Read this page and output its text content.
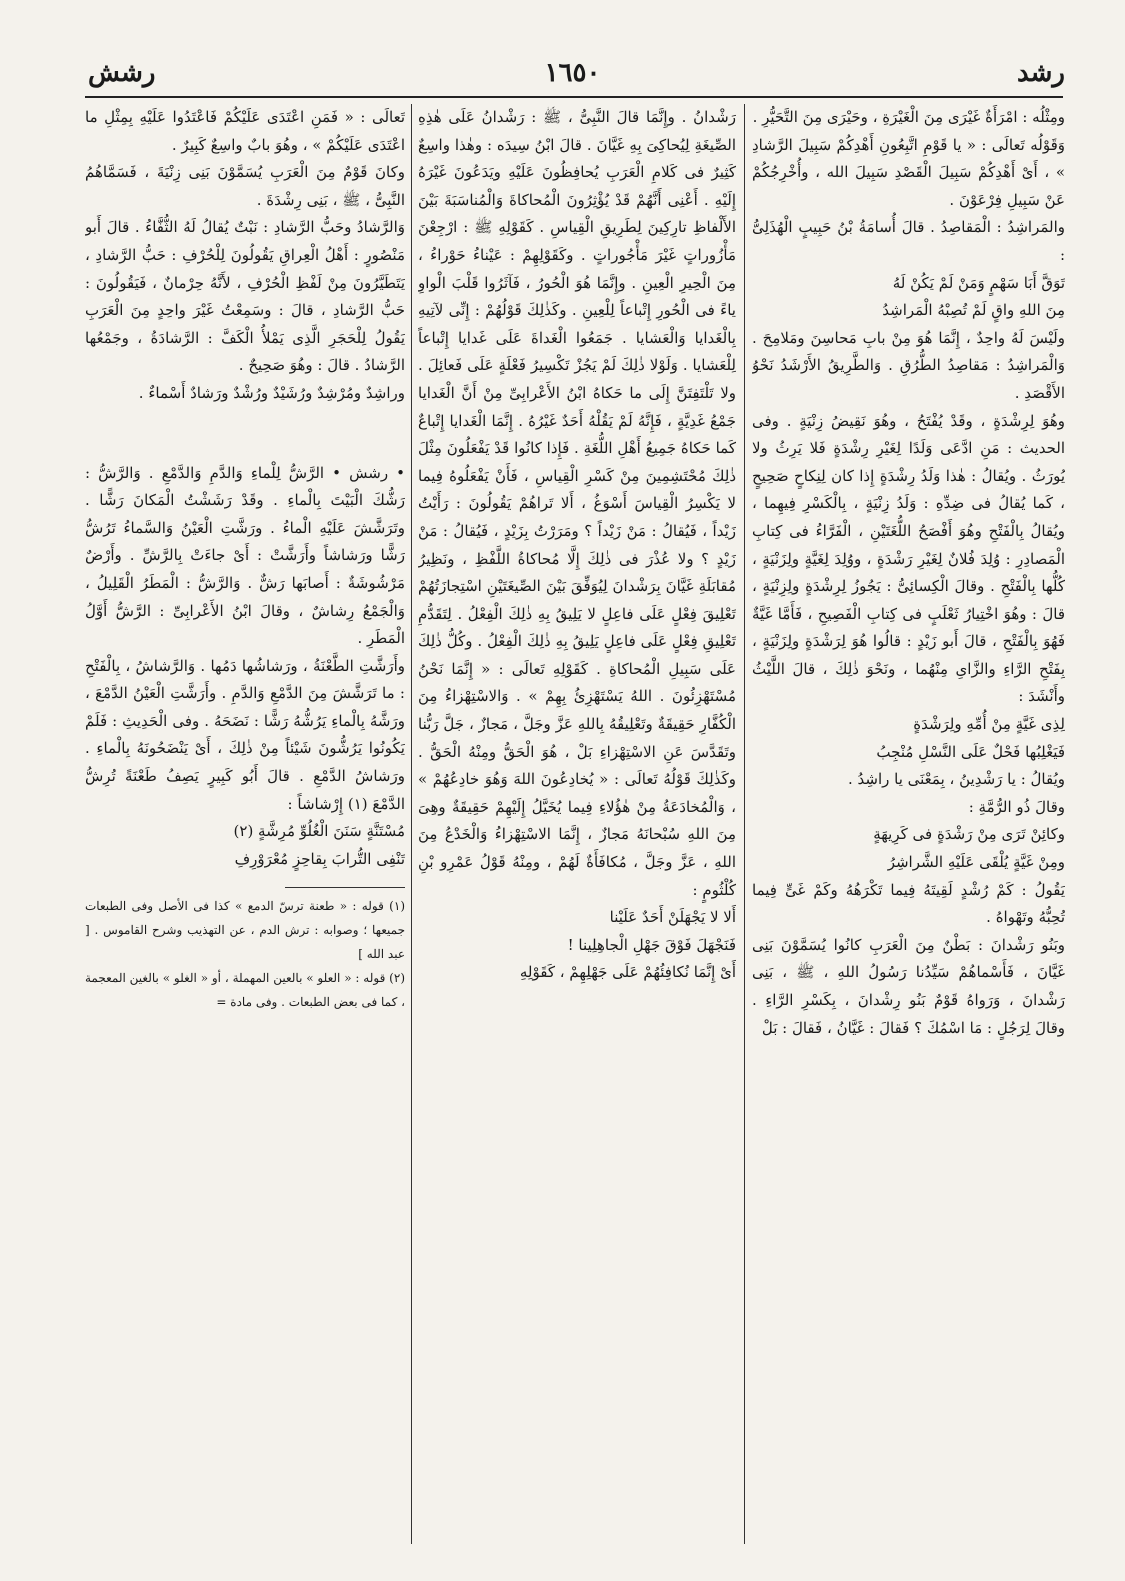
رشد
١٦٥٠
رشش

ومِثْلُه : امْرَأَةٌ غَيْرَى مِنَ الْغَيْرَةِ ، وحَيْرَى مِنَ التَّحَيُّرِ .

وَقَوْلُه تَعالَى : « يا قَوْمِ اتَّبِعُونِ أَهْدِكُمْ سَبِيلَ الرَّشادِ » ، أَىْ أَهْدِكُمْ سَبِيلَ الْقَصْدِ سَبِيلَ الله ، وأُخْرِجُكُمْ عَنْ سَبِيلِ فِرْعَوْنَ .

والمَراشِدُ : الْمَقاصِدُ . قالَ أُسامَةُ بْنُ حَبِيبٍ الْهُذَلِىُّ :

تَوَقَّ أَبَا سَهْمٍ وَمَنْ لَمْ يَكُنْ لَهُ

مِنَ اللهِ واقٍ لَمْ تُصِبْهُ الْمَراشِدُ

ولَيْسَ لَهُ واحِدٌ ، إِنَّمَا هُوَ مِنْ بابِ مَحاسِنَ ومَلامِحَ . وَالْمَراشِدُ : مَقاصِدُ الطُّرُقِ . وَالطَّرِيقُ الأَرْشَدُ نَحْوُ الأَقْصَدِ .

وهُوَ لِرِشْدَةٍ ، وقَدْ يُفْتَحُ ، وهُوَ نَقِيضُ زِنْيَةٍ . وفى الحديث : مَنِ ادَّعَى وَلَدًا لِغَيْرِ رِشْدَةٍ فَلا يَرِثُ ولا يُورَثُ . ويُقالُ : هٰذا وَلَدُ رِشْدَةٍ إِذا كان لِنِكاحٍ صَحِيحٍ ، كَما يُقالُ فى ضِدِّهِ : وَلَدُ زِنْيَةٍ ، بِالْكَسْرِ فِيهِما ، ويُقالُ بِالْفَتْحِ وهُوَ أَفْصَحُ اللُّغَتَيْنِ ، الْفَرَّاءُ فى كِتابِ الْمَصادِرِ : وُلِدَ فُلانٌ لِغَيْرِ رَشْدَةٍ ، ووُلِدَ لِغَيَّةٍ ولِزَنْيَةٍ ، كُلُّها بِالْفَتْحِ . وقالَ الْكِسائِىُّ : يَجُوزُ لِرِشْدَةٍ ولِزِنْيَةٍ ، قالَ : وهُوَ اخْتِيارُ ثَعْلَبٍ فى كِتابِ الْفَصِيحِ ، فَأَمَّا غَيَّةٌ فَهُوَ بِالْفَتْحِ ، قالَ أَبو زَيْدٍ : قالُوا هُوَ لِرَشْدَةٍ ولِزَنْيَةٍ ، بِفَتْحِ الرَّاءِ والزَّاىِ مِنْهُما ، ونَحْوَ ذٰلِكَ ، قالَ اللَّيْثُ وأَنْشَدَ :

لِذِى غَيَّةٍ مِنْ أُمِّهِ ولِرَشْدَةٍ

فَيَغْلِبُها فَحْلٌ عَلَى النَّسْلِ مُنْجِبُ

ويُقالُ : يا رَشْدِينُ ، بِمَعْنَى يا راشِدُ .

وقالَ ذُو الرُّمَّةِ :

وكائِنْ تَرَى مِنْ رَشْدَةٍ فى كَرِيهَةٍ

ومِنْ غَيَّةٍ يُلْقَى عَلَيْهِ الشَّراشِرُ

يَقُولُ : كَمْ رُشْدٍ لَقِيتَهُ فِيما تَكْرَهُهُ وكَمْ غَىٍّ فِيما تُحِبُّهُ وتَهْواهُ .

وبَنُو رَشْدانَ : بَطْنٌ مِنَ الْعَرَبِ كانُوا يُسَمَّوْنَ بَنِى غَيَّانَ ، فَأَسْماهُمْ سَيِّدُنا رَسُولُ اللهِ ، ﷺ ، بَنِى رَشْدانَ ، وَرَواهُ قَوْمٌ بَنُو رِشْدانَ ، بِكَسْرِ الرَّاءِ . وقالَ لِرَجُلٍ : مَا اسْمُكَ ؟ فَقالَ : غَيَّانُ ، فَقالَ : بَلْ

رَشْدانُ . وإِنَّمَا قالَ النَّبِىُّ ، ﷺ : رَشْدانُ عَلَى هٰذِهِ الصِّيغَةِ لِيُحاكِىَ بِهِ غَيَّانَ . قالَ ابْنُ سِيدَه : وهٰذا واسِعٌ كَثِيرٌ فى كَلامِ الْعَرَبِ يُحافِظُونَ عَلَيْهِ ويَدَعُونَ غَيْرَهُ إِلَيْهِ . أَعْنِى أَنَّهُمْ قَدْ يُؤْثِرُونَ الْمُحاكاةَ وَالْمُناسَبَةَ بَيْنَ الأَلْفاظِ تارِكِينَ لِطَرِيقِ الْقِياسِ . كَقَوْلِهِ ﷺ : ارْجِعْنَ مَأْزُوراتٍ غَيْرَ مَأْجُوراتٍ . وكَقَوْلِهِمْ : عَيْناءُ حَوْراءُ ، مِنَ الْحِيرِ الْعِينِ . وإِنَّمَا هُوَ الْحُورُ ، فَآثَرُوا قَلْبَ الْواوِ ياءً فى الْحُورِ إِتْباعاً لِلْعِينِ . وكَذٰلِكَ قَوْلُهُمْ : إِنِّى لآتِيهِ بِالْغَدايا وَالْعَشايا . جَمَعُوا الْغَداةَ عَلَى غَدايا إِتْباعاً لِلْعَشايا . وَلَوْلا ذٰلِكَ لَمْ يَجُزْ تَكْسِيرُ فَعْلَةٍ عَلَى فَعائِلَ . ولا تَلْتَفِتَنَّ إِلَى ما حَكاهُ ابْنُ الأَعْرابِىِّ مِنْ أَنَّ الْغَدايا جَمْعُ غَدِيَّةٍ ، فَإِنَّهُ لَمْ يَقُلْهُ أَحَدٌ غَيْرُهُ . إِنَّمَا الْغَدايا إِتْباعٌ كَما حَكاهُ جَمِيعُ أَهْلِ اللُّغَةِ . فَإِذا كانُوا قَدْ يَفْعَلُونَ مِثْلَ ذٰلِكَ مُحْتَشِمِينَ مِنْ كَسْرِ الْقِياسِ ، فَأَنْ يَفْعَلُوهُ فِيما لا يَكْسِرُ الْقِياسَ أَسْوَغُ ، أَلا تَراهُمْ يَقُولُونَ : رَأَيْتُ زَيْداً ، فَيُقالُ : مَنْ زَيْداً ؟ ومَرَرْتُ بِزَيْدٍ ، فَيُقالُ : مَنْ زَيْدٍ ؟ ولا عُذْرَ فى ذٰلِكَ إِلَّا مُحاكاةُ اللَّفْظِ ، ونَظِيرُ مُقابَلَةِ غَيَّانَ بِرَشْدانَ لِيُوَفِّقَ بَيْنَ الصِّيغَتَيْنِ اسْتِجازَتُهُمْ تَعْلِيقَ فِعْلٍ عَلَى فاعِلٍ لا يَلِيقُ بِهِ ذٰلِكَ الْفِعْلُ . لِتَقَدُّمِ تَعْلِيقِ فِعْلٍ عَلَى فاعِلٍ يَلِيقُ بِهِ ذٰلِكَ الْفِعْلُ . وكُلُّ ذٰلِكَ عَلَى سَبِيلِ الْمُحاكاةِ . كَقَوْلِهِ تَعالَى : « إِنَّمَا نَحْنُ مُسْتَهْزِئُونَ . اللهُ يَسْتَهْزِئُ بِهِمْ » . وَالاسْتِهْزاءُ مِنَ الْكُفَّارِ حَقِيقَةٌ وتَعْلِيقُهُ بِاللهِ عَزَّ وجَلَّ ، مَجازٌ ، جَلَّ رَبُّنا وتَقَدَّسَ عَنِ الاسْتِهْزاءِ بَلْ ، هُوَ الْحَقُّ ومِنْهُ الْحَقُّ . وكَذٰلِكَ قَوْلُهُ تَعالَى : « يُخادِعُونَ اللهَ وَهُوَ خادِعُهُمْ » ، وَالْمُخادَعَةُ مِنْ هٰؤُلاءِ فِيما يُخَيَّلُ إِلَيْهِمْ حَقِيقَةٌ وهِىَ مِنَ اللهِ سُبْحانَهُ مَجازٌ ، إِنَّمَا الاسْتِهْزاءُ وَالْخَدْعُ مِنَ اللهِ ، عَزَّ وجَلَّ ، مُكافَأَةٌ لَهُمْ ، ومِنْهُ قَوْلُ عَمْرِو بْنِ كُلْثُومٍ :

أَلا لا يَجْهَلَنْ أَحَدٌ عَلَيْنا

فَنَجْهَلَ فَوْقَ جَهْلِ الْجاهِلِينا !

أَىْ إِنَّمَا نُكافِئُهُمْ عَلَى جَهْلِهِمْ ، كَقَوْلِهِ

تَعالَى : « فَمَنِ اعْتَدَى عَلَيْكُمْ فَاعْتَدُوا عَلَيْهِ بِمِثْلِ ما اعْتَدَى عَلَيْكُمْ » ، وهُوَ بابٌ واسِعٌ كَبِيرٌ .

وكانَ قَوْمٌ مِنَ الْعَرَبِ يُسَمَّوْنَ بَنِى زِنْيَةَ ، فَسَمَّاهُمُ النَّبِىُّ ، ﷺ ، بَنِى رِشْدَةَ .

وَالرَّشادُ وحَبُّ الرَّشادِ : نَبْتٌ يُقالُ لَهُ الثُّفَّاءُ . قالَ أَبو مَنْصُورٍ : أَهْلُ الْعِراقِ يَقُولُونَ لِلْحُرْفِ : حَبُّ الرَّشادِ ، يَتَطَيَّرُونَ مِنْ لَفْظِ الْحُرْفِ ، لأَنَّهُ حِرْمانٌ ، فَيَقُولُونَ : حَبُّ الرَّشادِ ، قالَ : وسَمِعْتُ غَيْرَ واحِدٍ مِنَ الْعَرَبِ يَقُولُ لِلْحَجَرِ الَّذِى يَمْلأُ الْكَفَّ : الرَّشادَةُ ، وجَمْعُها الرَّشادُ . قالَ : وهُوَ صَحِيحٌ .

وراشِدٌ ومُرْشِدٌ ورُشَيْدٌ ورُشْدٌ ورَشادٌ أَسْماءٌ .

• رشش • الرَّشُّ لِلْماءِ وَالدَّمِ وَالدَّمْعِ . وَالرَّشُّ : رَشُّكَ الْبَيْتَ بِالْماءِ . وقَدْ رَشَشْتُ الْمَكانَ رَشًّا . وتَرَشَّشَ عَلَيْهِ الْماءُ . ورَشَّتِ الْعَيْنُ وَالسَّماءُ تَرُشُّ رَشًّا ورَشاشاً وأَرَشَّتْ : أَىْ جاءَتْ بِالرَّشِّ . وأَرْضٌ مَرْشُوشَةٌ : أَصابَها رَشٌّ . وَالرَّشُّ : الْمَطَرُ الْقَلِيلُ ، وَالْجَمْعُ رِشاشٌ ، وقالَ ابْنُ الأَعْرابِىِّ : الرَّشُّ أَوَّلُ الْمَطَرِ .

وأَرَشَّتِ الطَّعْنَةُ ، ورَشاشُها دَمُها . وَالرَّشاشُ ، بِالْفَتْحِ : ما تَرَشَّشَ مِنَ الدَّمْعِ وَالدَّمِ . وأَرَشَّتِ الْعَيْنُ الدَّمْعَ ، ورَشَّهُ بِالْماءِ يَرُشُّهُ رَشًّا : نَضَحَهُ . وفى الْحَدِيثِ : فَلَمْ يَكُونُوا يَرُشُّونَ شَيْئاً مِنْ ذٰلِكَ ، أَىْ يَنْضَحُونَهُ بِالْماءِ . ورَشاشُ الدَّمْعِ . قالَ أَبُو كَبِيرٍ يَصِفُ طَعْنَةً تُرِشُّ الدَّمْعَ (١) إِرْشاشاً :

مُسْتَنَّةٍ سَنَنَ الْغُلُوِّ مُرِشَّةٍ (٢)

تَنْفِى التُّرابَ بِقاحِزٍ مُعْرَوْرِفِ

(١) قوله : « طعنة ترسّ الدمع » كذا فى الأصل وفى الطبعات جميعها ؛ وصوابه : ترش الدم ، عن التهذيب وشرح القاموس . [ عبد الله ]

(٢) قوله : « العلو » بالعين المهملة ، أو « الغلو » بالغين المعجمة ، كما فى بعض الطبعات . وفى مادة =
